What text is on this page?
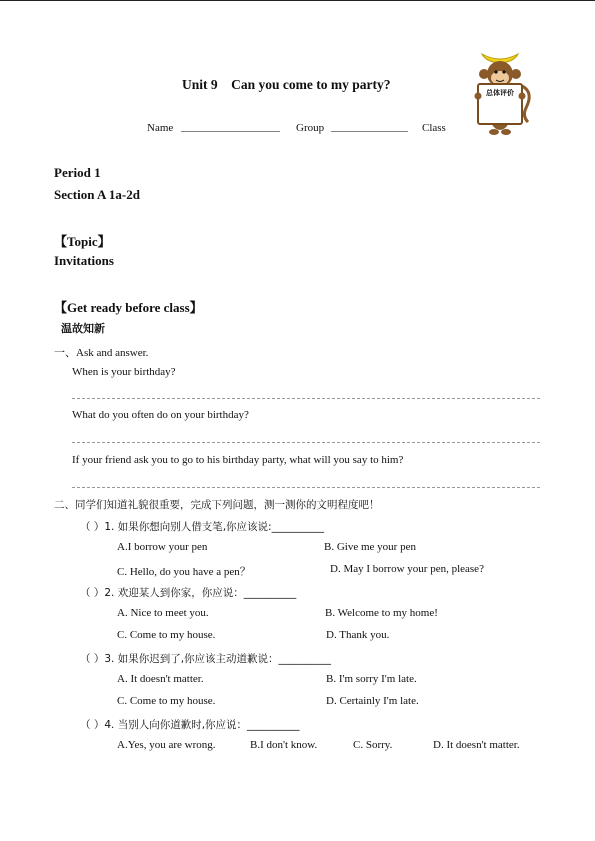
Unit 9    Can you come to my party?
Name __________________ Group ______________ Class
总体评价
Period 1
Section A 1a-2d
【Topic】
Invitations
【Get ready before class】
温故知新
一、Ask and answer.
When is your birthday?
What do you often do on your birthday?
If your friend ask you to go to his birthday party, what will you say to him?
二、同学们知道礼貌很重要，完成下列问题，测一测你的文明程度吧！
（ ）1. 如果你想向别人借支笔,你应该说:__________
A.I borrow your pen	B. Give me your pen
C. Hello, do you have a pen？	D. May I borrow your pen, please?
（ ）2. 欢迎某人到你家，你应说：__________
A. Nice to meet you.	B. Welcome to my home!
C. Come to my house.	D. Thank you.
（ ）3. 如果你迟到了,你应该主动道歉说：__________
A. It doesn't matter.	B. I'm sorry I'm late.
C. Come to my house.	D. Certainly I'm late.
（ ）4. 当别人向你道歉时,你应说：__________
A.Yes, you are wrong.	B.I don't know.	C. Sorry.	D. It doesn't matter.
